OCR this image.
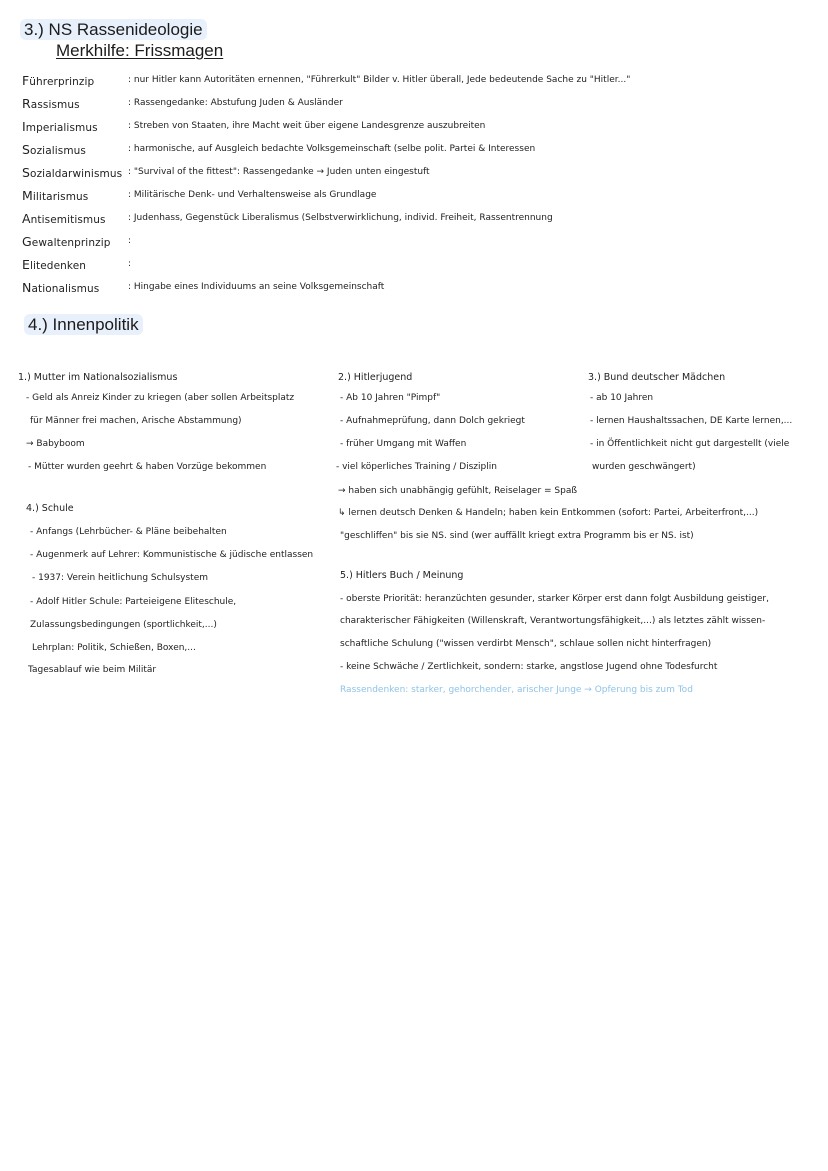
3.) NS Rassenideologie
Merkhilfe: Frissmagen
Führerprinzip	: nur Hitler kann Autoritäten ernennen, "Führerkult" Bilder v. Hitler überall, Jede bedeutende Sache zu "Hitler..."
Rassismus	: Rassengedanke: Abstufung Juden & Ausländer
Imperialismus	: Streben von Staaten, ihre Macht weit über eigene Landesgrenze auszubreiten
Sozialismus	: harmonische, auf Ausgleich bedachte Volksgemeinschaft (selbe polit. Partei & Interessen
Sozialdarwinismus : "Survival of the fittest": Rassengedanke → Juden unten eingestuft
Militarismus	: Militärische Denk- und Verhaltensweise als Grundlage
Antisemitismus : Judenhass, Gegenstück Liberalismus (Selbstverwirklichung, individ. Freiheit, Rassentrennung
Gewaltenprinzip :
Elitedenken	:
Nationalismus	: Hingabe eines Individuums an seine Volksgemeinschaft
4.) Innenpolitik
1.) Mutter im Nationalsozialismus
- Geld als Anreiz Kinder zu kriegen (aber sollen Arbeitsplatz
für Männer frei machen, Arische Abstammung)
→ Babyboom
- Mütter wurden geehrt & haben Vorzüge bekommen
2.) Hitlerjugend
- Ab 10 Jahren "Pimpf"
- Aufnahmeprüfung, dann Dolch gekriegt
- früher Umgang mit Waffen
- viel köperliches Training / Disziplin
3.) Bund deutscher Mädchen
- ab 10 Jahren
- lernen Haushaltssachen, DE Karte lernen,...
- in Öffentlichkeit nicht gut dargestellt (viele
wurden geschwängert)
→ haben sich unabhängig gefühlt, Reiselager = Spaß
↳ lernen deutsch Denken & Handeln; haben kein Entkommen (sofort: Partei, Arbeiterfront,...)
"geschliffen" bis sie NS. sind (wer auffällt kriegt extra Programm bis er NS. ist)
4.) Schule
- Anfangs (Lehrbücher- & Pläne beibehalten
- Augenmerk auf Lehrer: Kommunistische & jüdische entlassen
- 1937: Verein heitlichung Schulsystem
- Adolf Hitler Schule: Parteieigene Eliteschule,
Zulassungsbedingungen (sportlichkeit,...)
Lehrplan: Politik, Schießen, Boxen,...
Tagesablauf wie beim Militär
5.) Hitlers Buch / Meinung
- oberste Priorität: heranzüchten gesunder, starker Körper erst dann folgt Ausbildung geistiger,
charakterischer Fähigkeiten (Willenskraft, Verantwortungsfähigkeit,...) als letztes zählt wissen-
schaftliche Schulung ("wissen verdirbt Mensch", schlaue sollen nicht hinterfragen)
- keine Schwäche / Zertlichkeit, sondern: starke, angstlose Jugend ohne Todesfurcht
Rassendenken: starker, gehorchender, arischer Junge → Opferung bis zum Tod
